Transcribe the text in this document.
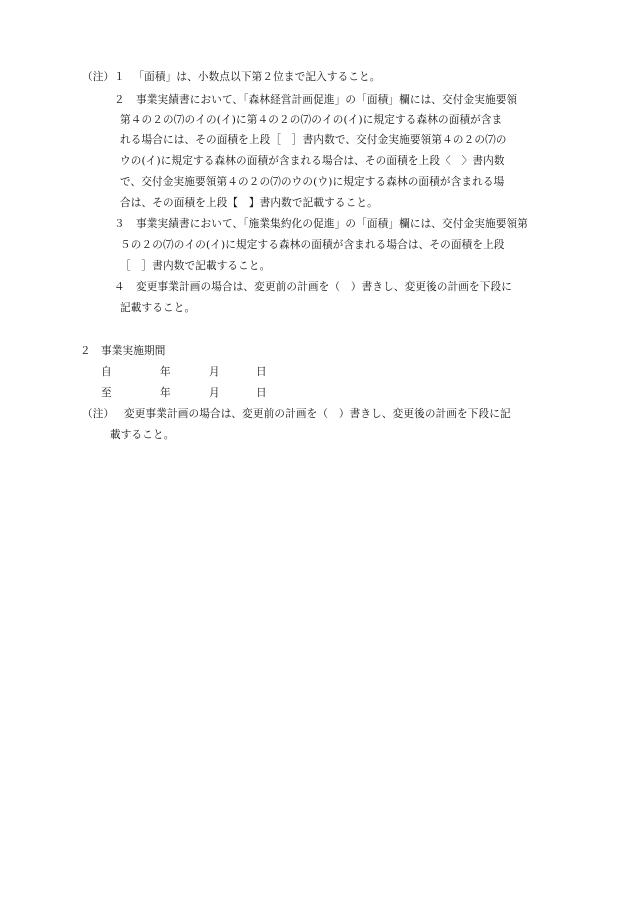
（注） １ 　「面積」は、小数点以下第２位まで記入すること。
２ 事業実績書において、「森林経営計画促進」の「面積」欄には、交付金実施要領
第４の２の⑺のイの(イ)に第４の２の⑺のイの(イ)に規定する森林の面積が含ま
れる場合には、その面積を上段［　］書内数で、交付金実施要領第４の２の⑺の
ウの(イ)に規定する森林の面積が含まれる場合は、その面積を上段〈　〉書内数
で、交付金実施要領第４の２の⑺のウの(ウ)に規定する森林の面積が含まれる場
合は、その面積を上段【　】書内数で記載すること。
３ 事業実績書において、「施業集約化の促進」の「面積」欄には、交付金実施要領第
５の２の⑺のイの(イ)に規定する森林の面積が含まれる場合は、その面積を上段
［　］書内数で記載すること。
４ 変更事業計画の場合は、変更前の計画を（　）書きし、変更後の計画を下段に
記載すること。
２ 事業実施期間
自	年	月	日
至	年	月	日
（注） 変更事業計画の場合は、変更前の計画を（　）書きし、変更後の計画を下段に記
載すること。
